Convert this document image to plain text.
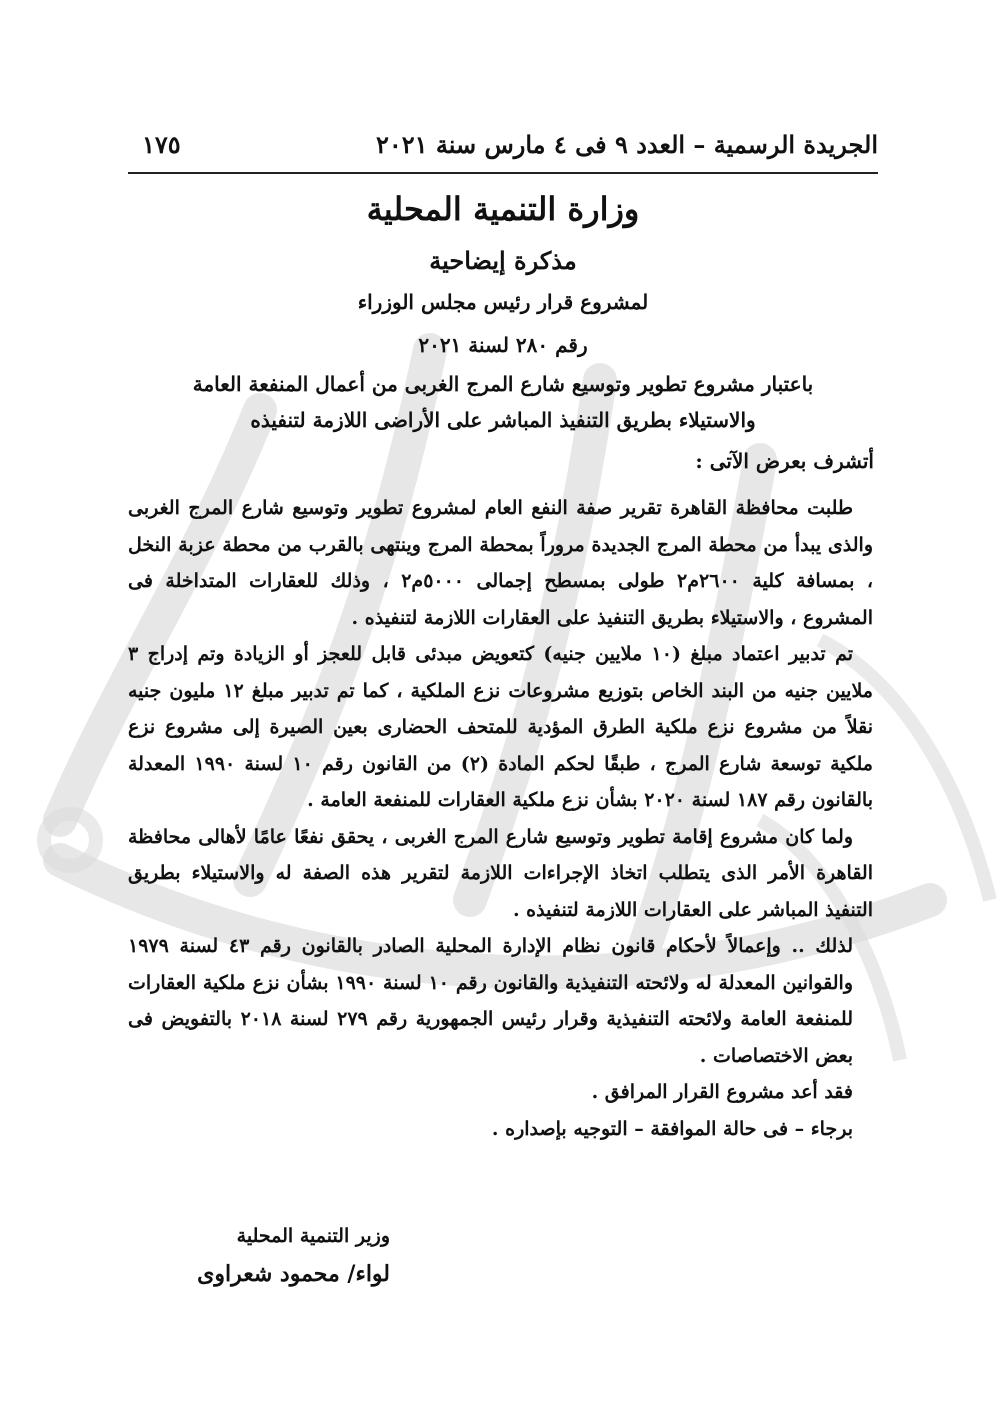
الجريدة الرسمية – العدد ٩ فى ٤ مارس سنة ٢٠٢١
١٧٥
وزارة التنمية المحلية
مذكرة إيضاحية
لمشروع قرار رئيس مجلس الوزراء
رقم ٢٨٠ لسنة ٢٠٢١
باعتبار مشروع تطوير وتوسيع شارع المرج الغربى من أعمال المنفعة العامة
والاستيلاء بطريق التنفيذ المباشر على الأراضى اللازمة لتنفيذه
أتشرف بعرض الآتى :

طلبت محافظة القاهرة تقرير صفة النفع العام لمشروع تطوير وتوسيع شارع المرج الغربى والذى يبدأ من محطة المرج الجديدة مروراً بمحطة المرج وينتهى بالقرب من محطة عزبة النخل ، بمسافة كلية ٢٦٠٠م٢ طولى بمسطح إجمالى ٥٠٠٠م٢ ، وذلك للعقارات المتداخلة فى المشروع ، والاستيلاء بطريق التنفيذ على العقارات اللازمة لتنفيذه .

تم تدبير اعتماد مبلغ (١٠ ملايين جنيه) كتعويض مبدئى قابل للعجز أو الزيادة وتم إدراج ٣ ملايين جنيه من البند الخاص بتوزيع مشروعات نزع الملكية ، كما تم تدبير مبلغ ١٢ مليون جنيه نقلاً من مشروع نزع ملكية الطرق المؤدية للمتحف الحضارى بعين الصيرة إلى مشروع نزع ملكية توسعة شارع المرج ، طبقًا لحكم المادة (٢) من القانون رقم ١٠ لسنة ١٩٩٠ المعدلة بالقانون رقم ١٨٧ لسنة ٢٠٢٠ بشأن نزع ملكية العقارات للمنفعة العامة .

ولما كان مشروع إقامة تطوير وتوسيع شارع المرج الغربى ، يحقق نفعًا عامًا لأهالى محافظة القاهرة الأمر الذى يتطلب اتخاذ الإجراءات اللازمة لتقرير هذه الصفة له والاستيلاء بطريق التنفيذ المباشر على العقارات اللازمة لتنفيذه .

لذلك .. وإعمالاً لأحكام قانون نظام الإدارة المحلية الصادر بالقانون رقم ٤٣ لسنة ١٩٧٩ والقوانين المعدلة له ولائحته التنفيذية والقانون رقم ١٠ لسنة ١٩٩٠ بشأن نزع ملكية العقارات للمنفعة العامة ولائحته التنفيذية وقرار رئيس الجمهورية رقم ٢٧٩ لسنة ٢٠١٨ بالتفويض فى بعض الاختصاصات .

فقد أعد مشروع القرار المرافق .

برجاء – فى حالة الموافقة – التوجيه بإصداره .

وزير التنمية المحلية
لواء/ محمود شعراوى
